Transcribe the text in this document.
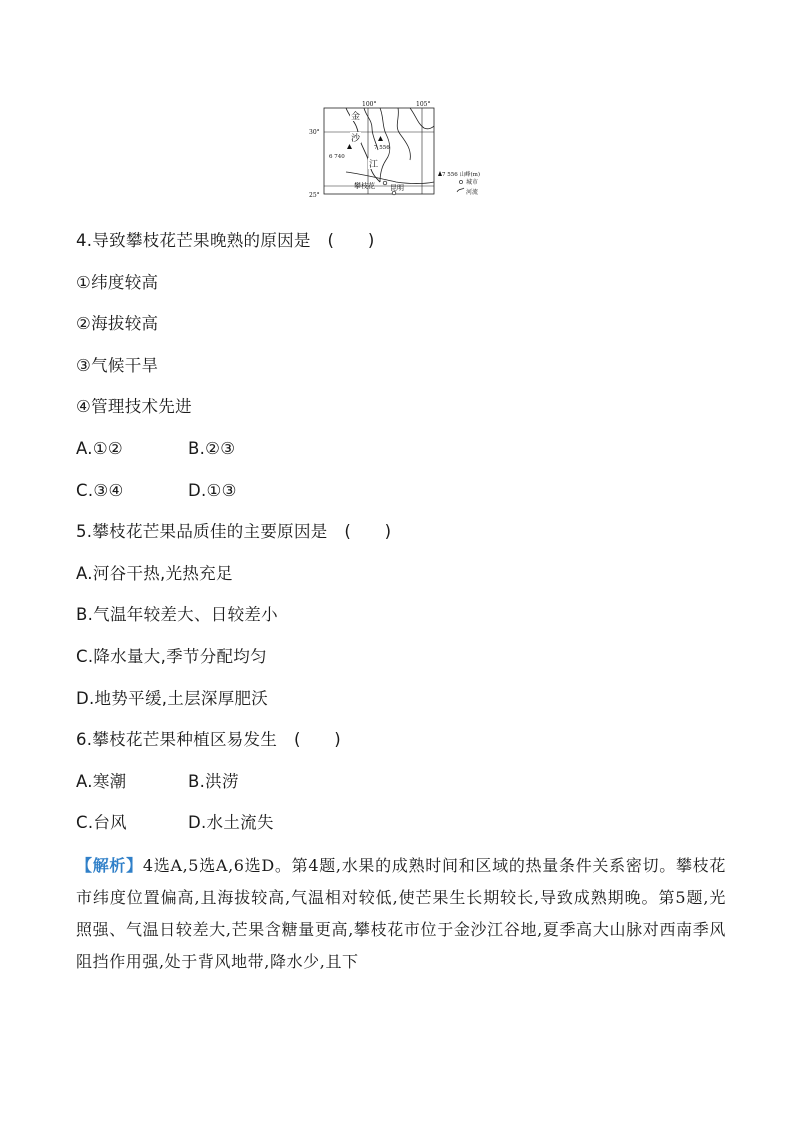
100°	105°
30°
25°
金
沙
江
6 740
7 556
攀枝花 昆明
7 556 山峰(m)
城市
河流
4.导致攀枝花芒果晚熟的原因是　(　　)
①纬度较高
②海拔较高
③气候干旱
④管理技术先进
A.①②	B.②③
C.③④	D.①③
5.攀枝花芒果品质佳的主要原因是　(　　)
A.河谷干热,光热充足
B.气温年较差大、日较差小
C.降水量大,季节分配均匀
D.地势平缓,土层深厚肥沃
6.攀枝花芒果种植区易发生　(　　)
A.寒潮	B.洪涝
C.台风	D.水土流失
【解析】4选A,5选A,6选D。第4题,水果的成熟时间和区域的热量条件关系密切。攀枝花市纬度位置偏高,且海拔较高,气温相对较低,使芒果生长期较长,导致成熟期晚。第5题,光照强、气温日较差大,芒果含糖量更高,攀枝花市位于金沙江谷地,夏季高大山脉对西南季风阻挡作用强,处于背风地带,降水少,且下
